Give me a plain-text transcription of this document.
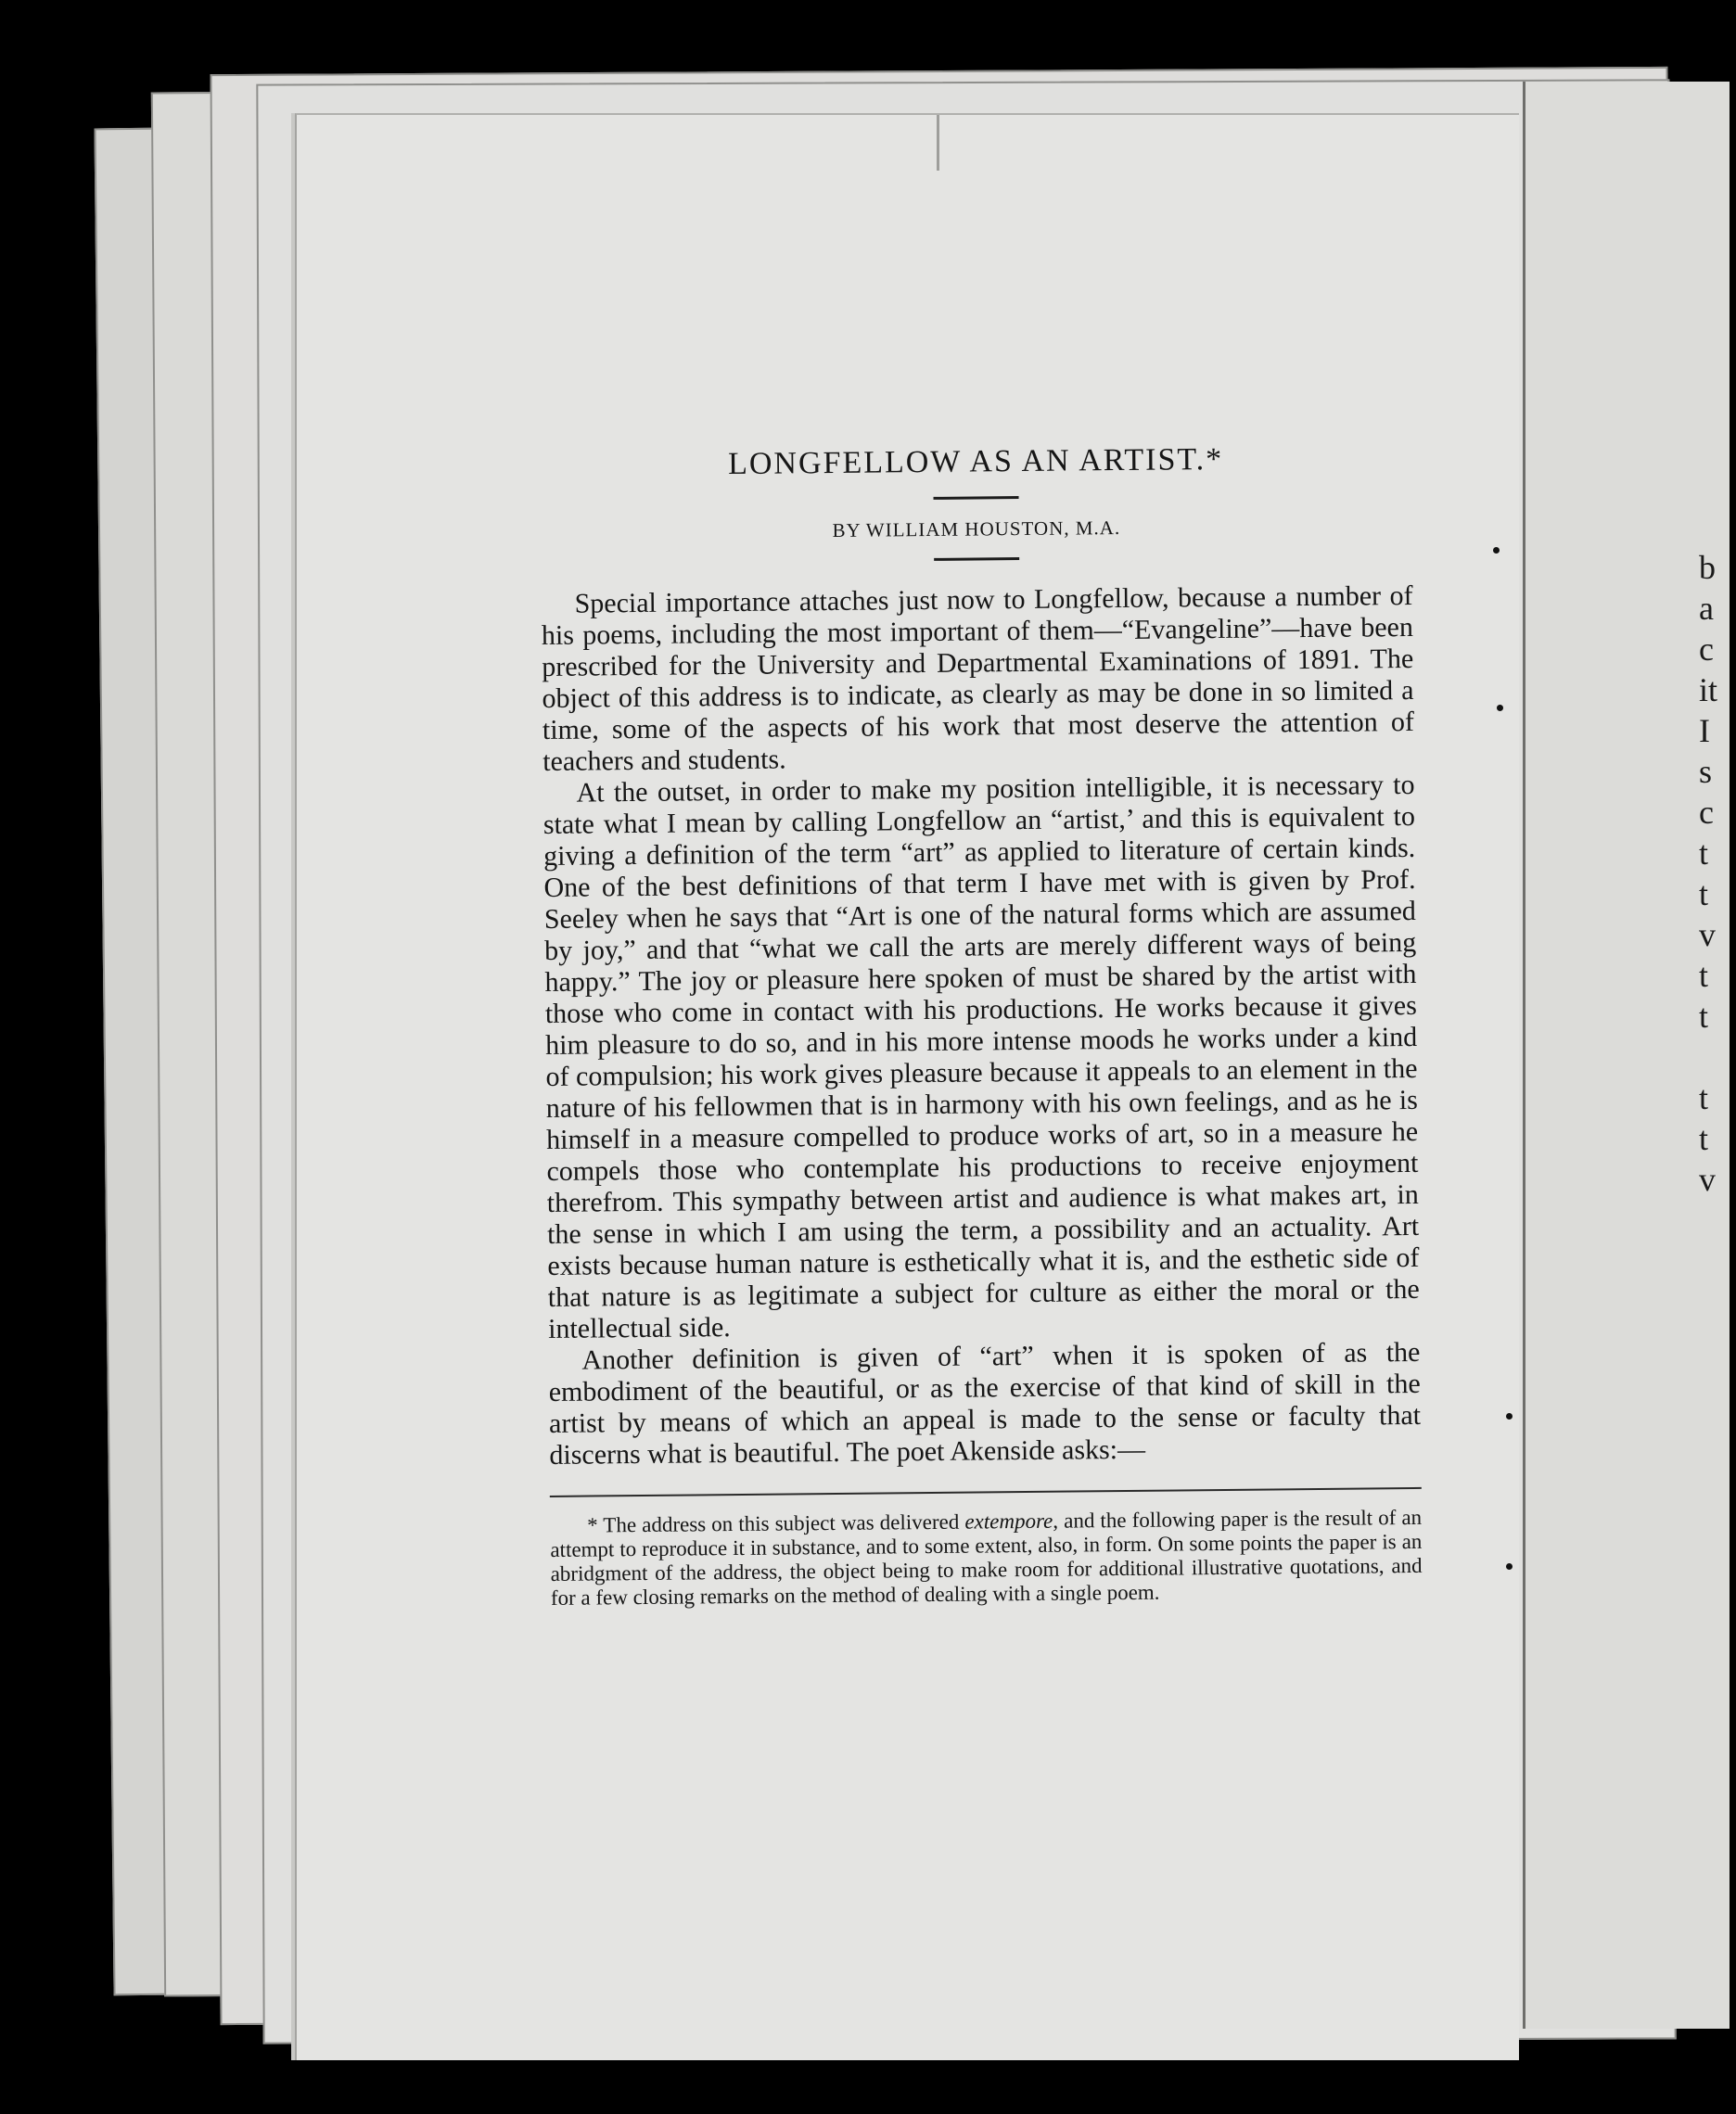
b
a
c
it
I
s
c
t
t
v
t
t
t
t
v
LONGFELLOW AS AN ARTIST.*
BY WILLIAM HOUSTON, M.A.

Special importance attaches just now to Longfellow, because a number of his poems, including the most important of them—“Evangeline”—have been prescribed for the University and Departmental Examinations of 1891. The object of this address is to indicate, as clearly as may be done in so limited a time, some of the aspects of his work that most deserve the attention of teachers and students.

At the outset, in order to make my position intelligible, it is necessary to state what I mean by calling Longfellow an “artist,’ and this is equivalent to giving a definition of the term “art” as applied to literature of certain kinds. One of the best definitions of that term I have met with is given by Prof. Seeley when he says that “Art is one of the natural forms which are assumed by joy,” and that “what we call the arts are merely different ways of being happy.” The joy or pleasure here spoken of must be shared by the artist with those who come in contact with his productions. He works because it gives him pleasure to do so, and in his more intense moods he works under a kind of compulsion; his work gives pleasure because it appeals to an element in the nature of his fellowmen that is in harmony with his own feelings, and as he is himself in a measure compelled to produce works of art, so in a measure he compels those who contemplate his productions to receive enjoyment therefrom. This sympathy between artist and audience is what makes art, in the sense in which I am using the term, a possibility and an actuality. Art exists because human nature is esthetically what it is, and the esthetic side of that nature is as legitimate a subject for culture as either the moral or the intellectual side.

Another definition is given of “art” when it is spoken of as the embodiment of the beautiful, or as the exercise of that kind of skill in the artist by means of which an appeal is made to the sense or faculty that discerns what is beautiful. The poet Akenside asks:—

* The address on this subject was delivered extempore, and the following paper is the result of an attempt to reproduce it in substance, and to some extent, also, in form. On some points the paper is an abridgment of the address, the object being to make room for additional illustrative quotations, and for a few closing remarks on the method of dealing with a single poem.
